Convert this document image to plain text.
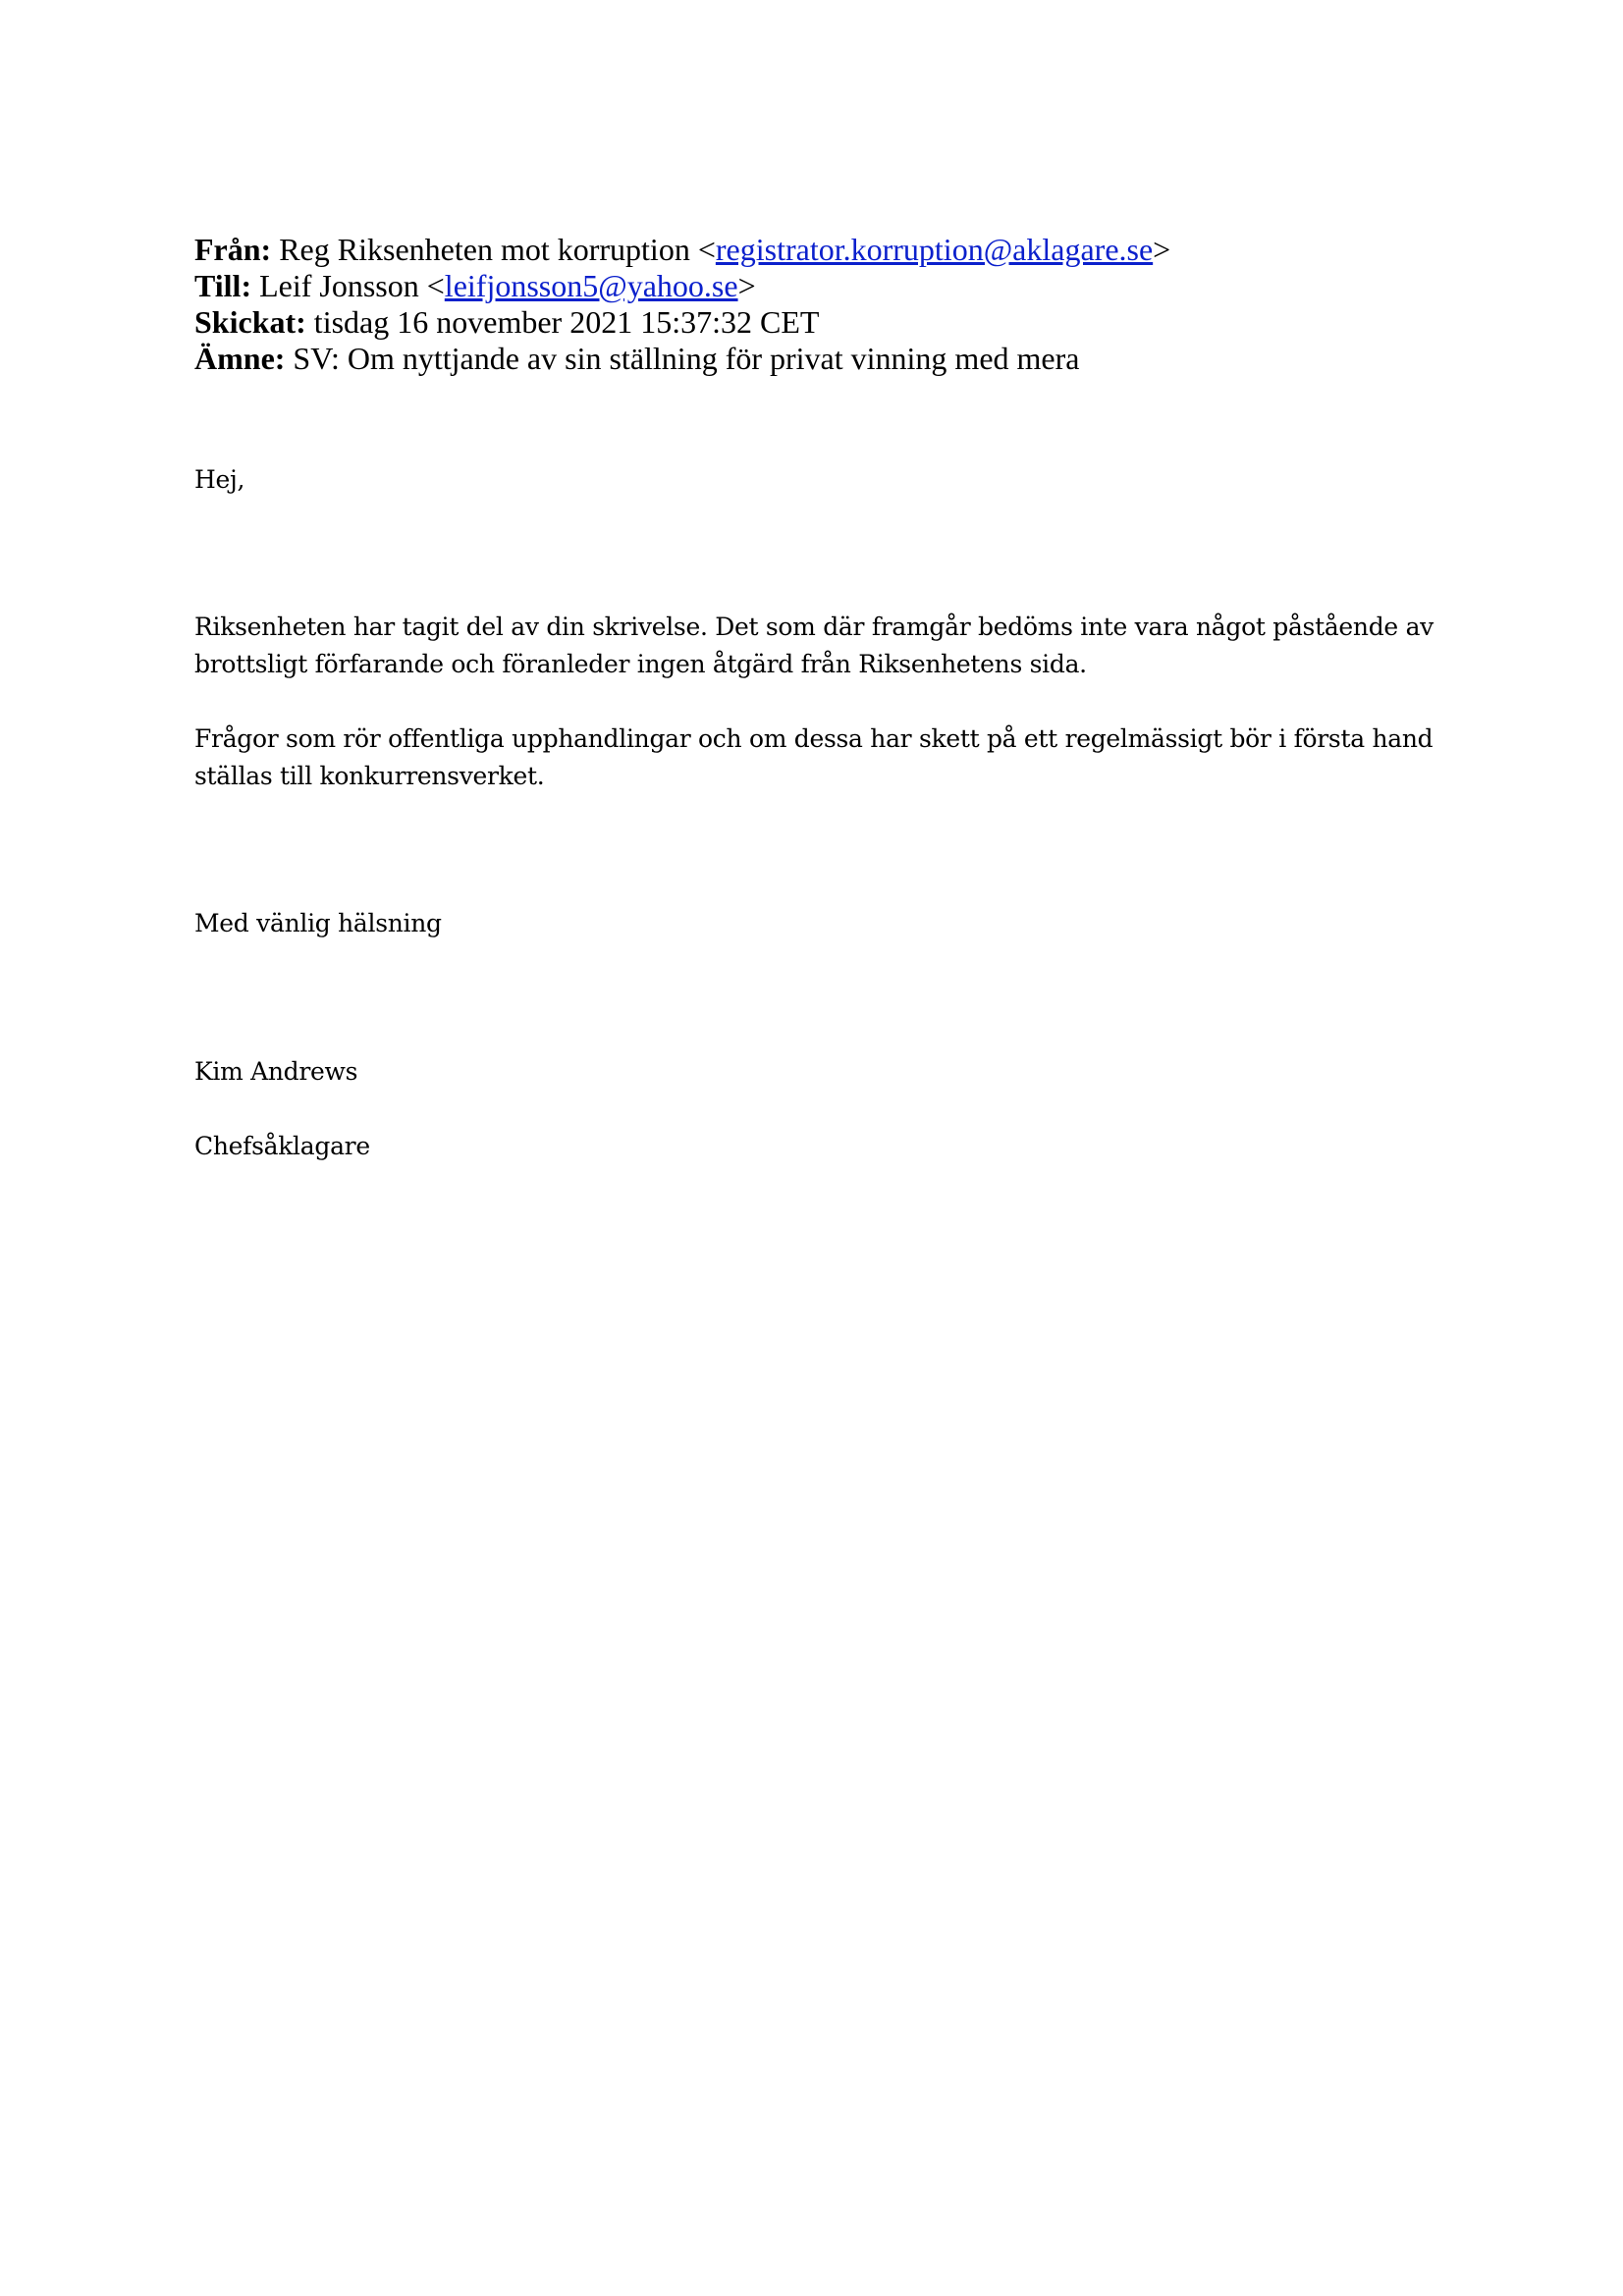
Från: Reg Riksenheten mot korruption <registrator.korruption@aklagare.se>
Till: Leif Jonsson <leifjonsson5@yahoo.se>
Skickat: tisdag 16 november 2021 15:37:32 CET
Ämne: SV: Om nyttjande av sin ställning för privat vinning med mera

Hej,

Riksenheten har tagit del av din skrivelse. Det som där framgår bedöms inte vara något påstående av brottsligt förfarande och föranleder ingen åtgärd från Riksenhetens sida.

Frågor som rör offentliga upphandlingar och om dessa har skett på ett regelmässigt bör i första hand ställas till konkurrensverket.

Med vänlig hälsning

Kim Andrews

Chefsåklagare
